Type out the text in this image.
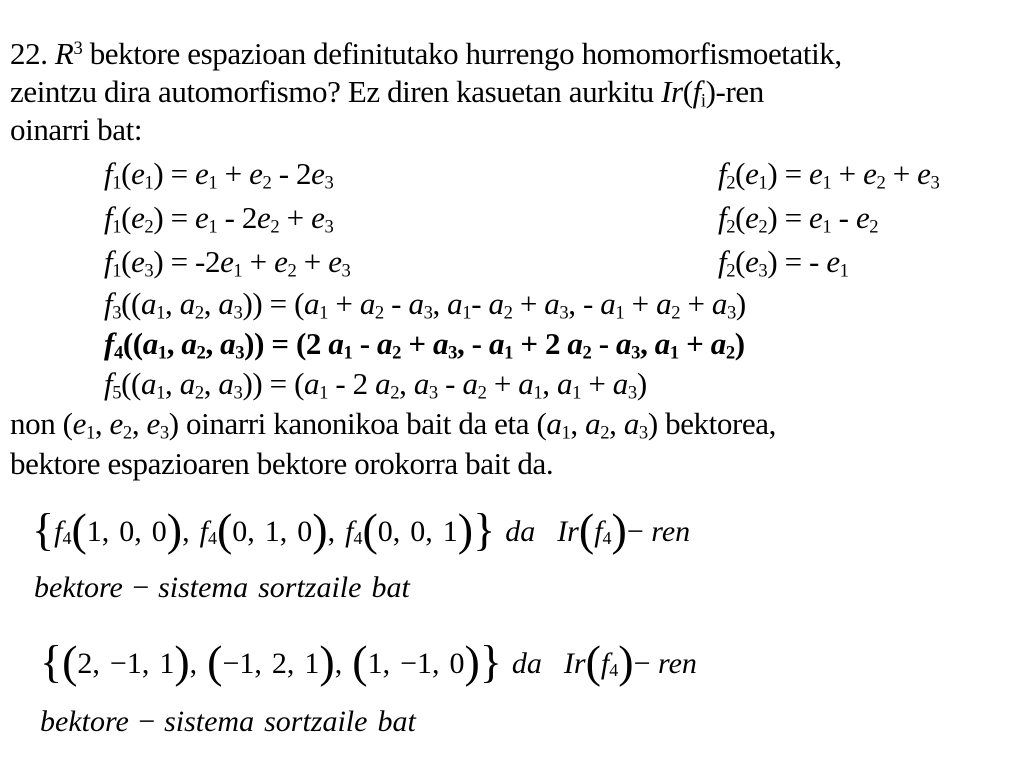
22. $R^3$ bektore espazioan definitutako hurrengo homomorfismoetatik,
zeintzu dira automorfismo? Ez diren kasuetan aurkitu $Ir(f_i)$-ren
oinarri bat:
$f_1(e_1) = e_1 + e_2 - 2e_3$	$f_2(e_1) = e_1 + e_2 + e_3$
$f_1(e_2) = e_1 - 2e_2 + e_3$	$f_2(e_2) = e_1 - e_2$
$f_1(e_3) = -2e_1 + e_2 + e_3$	$f_2(e_3)$ = - $e_1$
$f_3((a_1$, $a_2$, $a_3)) = (a_1 + a_2 - a_3$, $a_1-$ $a_2 + a_3$, - $a_1 + a_2 + a_3$)
$f_4((a_1$, $a_2$, $a_3)) = (2$ $a_1 - a_2 + a_3$, - $a_1 + 2$ $a_2 - a_3$, $a_1 + a_2$)
$f_5((a_1$, $a_2$, $a_3)) = (a_1 - 2$ $a_2$, $a_3 - a_2 + a_1$, $a_1 + a_3$)
non ($e_1$, $e_2$, $e_3$) oinarri kanonikoa bait da eta ($a_1$, $a_2$, $a_3$) bektorea,
bektore espazioaren bektore orokorra bait da.
{f4(1, 0, 0), f4(0, 1, 0), f4(0, 0, 1)} da Ir(f4)− ren
bektore − sistema sortzaile bat
{(2, −1, 1), (−1, 2, 1), (1, −1, 0)} da Ir(f4)− ren
bektore − sistema sortzaile bat
